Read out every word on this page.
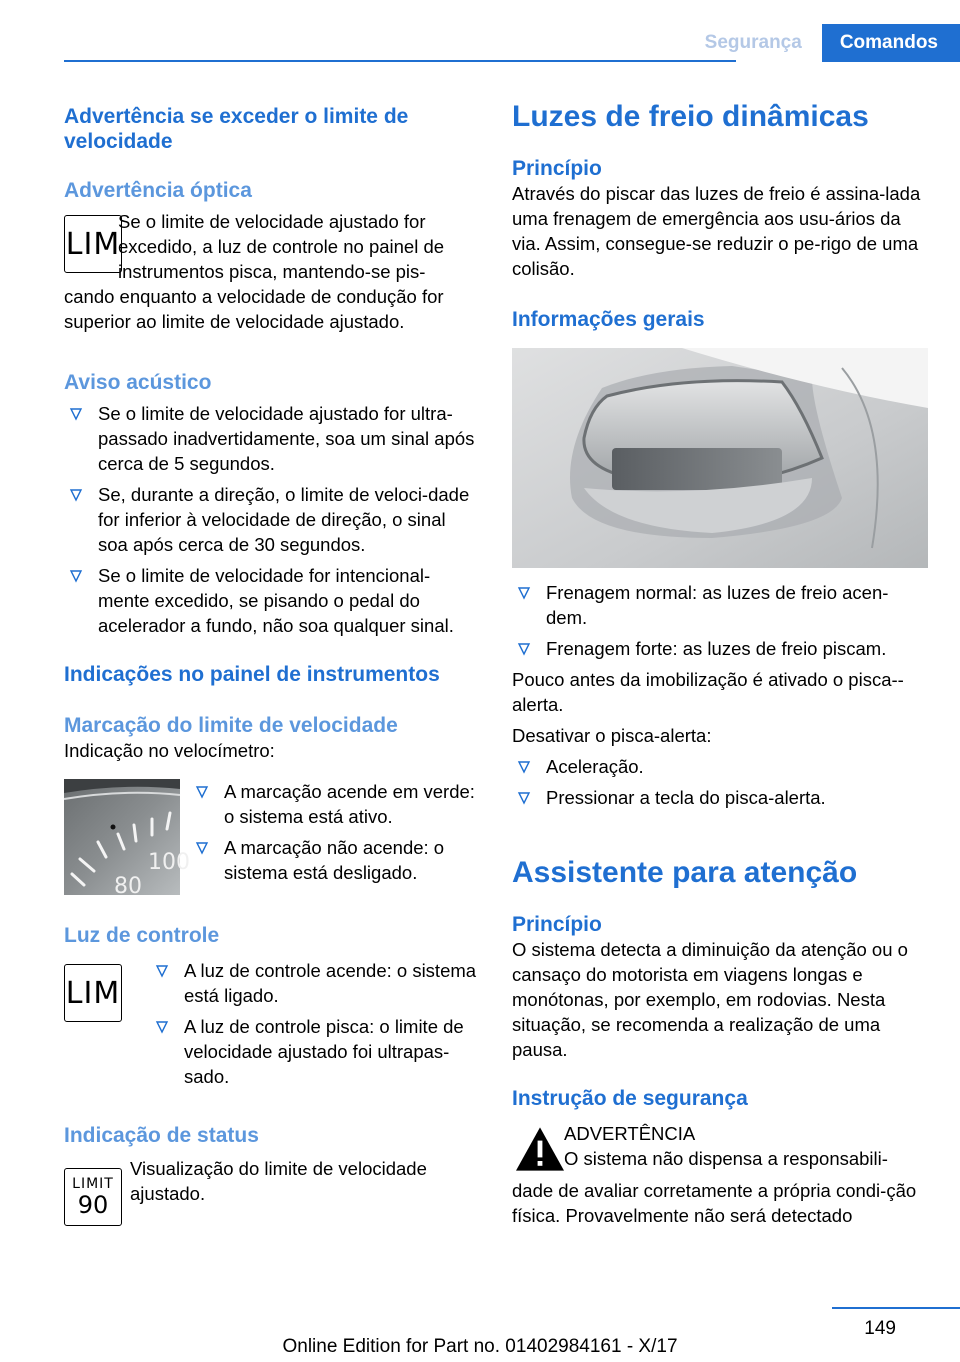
Segurança	Comandos
Advertência se exceder o limite de velocidade
Advertência óptica
LIM

Se o limite de velocidade ajustado for

excedido, a luz de controle no painel de

instrumentos pisca, mantendo-se pis-

cando enquanto a velocidade de condução for superior ao limite de velocidade ajustado.

Aviso acústico
Se o limite de velocidade ajustado for ultra-passado inadvertidamente, soa um sinal após cerca de 5 segundos.
Se, durante a direção, o limite de veloci-dade for inferior à velocidade de direção, o sinal soa após cerca de 30 segundos.
Se o limite de velocidade for intencional-mente excedido, se pisando o pedal do acelerador a fundo, não soa qualquer sinal.
Indicações no painel de instrumentos
Marcação do limite de velocidade

Indicação no velocímetro:

100
80
A marcação acende em verde: o sistema está ativo.
A marcação não acende: o sistema está desligado.
Luz de controle
LIM
A luz de controle acende: o sistema está ligado.
A luz de controle pisca: o limite de velocidade ajustado foi ultrapas-sado.
Indicação de status
LIMIT
90

Visualização do limite de velocidade ajustado.

Luzes de freio dinâmicas
Princípio

Através do piscar das luzes de freio é assina-lada uma frenagem de emergência aos usu-ários da via. Assim, consegue-se reduzir o pe-rigo de uma colisão.

Informações gerais
Frenagem normal: as luzes de freio acen-dem.
Frenagem forte: as luzes de freio piscam.

Pouco antes da imobilização é ativado o pisca--alerta.

Desativar o pisca-alerta:

Aceleração.
Pressionar a tecla do pisca-alerta.
Assistente para atenção
Princípio

O sistema detecta a diminuição da atenção ou o cansaço do motorista em viagens longas e monótonas, por exemplo, em rodovias. Nesta situação, se recomenda a realização de uma pausa.

Instrução de segurança

ADVERTÊNCIA

O sistema não dispensa a responsabili-

dade de avaliar corretamente a própria condi-ção física. Provavelmente não será detectado

149
Online Edition for Part no. 01402984161 - X/17
